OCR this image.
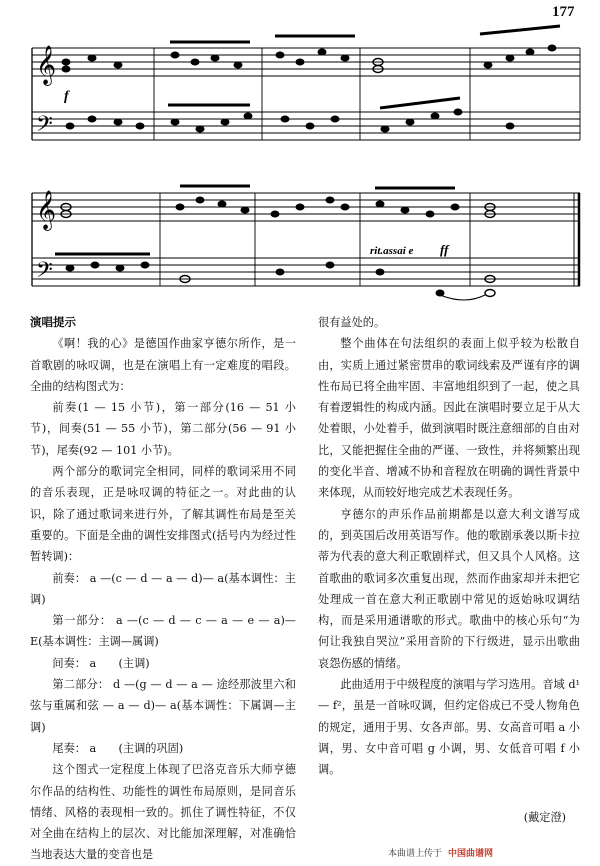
177
𝄞
𝄢
𝄞
𝄢
f
rit.assai e ff

演唱提示

《啊！我的心》是德国作曲家亨德尔所作，是一首歌剧的咏叹调，也是在演唱上有一定难度的唱段。全曲的结构图式为：

前奏(1 — 15 小节)，第一部分(16 — 51 小节)，间奏(51 — 55 小节)，第二部分(56 — 91 小节)，尾奏(92 — 101 小节)。

两个部分的歌词完全相同，同样的歌词采用不同的音乐表现，正是咏叹调的特征之一。对此曲的认识，除了通过歌词来进行外，了解其调性布局是至关重要的。下面是全曲的调性安排图式(括号内为经过性暂转调)：

前奏： a —(c — d — a — d)— a(基本调性：主调)

第一部分： a —(c — d — c — a — e — a)— E(基本调性：主调—属调)

间奏： a　　(主调)

第二部分： d —(g — d — a — 途经那波里六和弦与重属和弦 — a — d)— a(基本调性：下属调—主调)

尾奏： a　　(主调的巩固)

这个图式一定程度上体现了巴洛克音乐大师亨德尔作品的结构性、功能性的调性布局原则，是同音乐情绪、风格的表现相一致的。抓住了调性特征，不仅对全曲在结构上的层次、对比能加深理解，对准确恰当地表达大量的变音也是

很有益处的。

整个曲体在句法组织的表面上似乎较为松散自由，实质上通过紧密贯串的歌词线索及严谨有序的调性布局已将全曲牢固、丰富地组织到了一起，使之具有着逻辑性的构成内涵。因此在演唱时要立足于从大处着眼，小处着手，做到演唱时既注意细部的自由对比，又能把握住全曲的严谨、一致性，并将频繁出现的变化半音、增减不协和音程放在明确的调性背景中来体现，从而较好地完成艺术表现任务。

亨德尔的声乐作品前期都是以意大利文谱写成的，到英国后改用英语写作。他的歌剧承袭以斯卡拉蒂为代表的意大利正歌剧样式，但又具个人风格。这首歌曲的歌词多次重复出现，然而作曲家却并未把它处理成一首在意大利正歌剧中常见的返始咏叹调结构，而是采用通谱歌的形式。歌曲中的核心乐句“为何让我独自哭泣”采用音阶的下行级进，显示出歌曲哀怨伤感的情绪。

此曲适用于中级程度的演唱与学习选用。音域 d¹ — f²，虽是一首咏叹调，但约定俗成已不受人物角色的规定，通用于男、女各声部。男、女高音可唱 a 小调，男、女中音可唱 g 小调，男、女低音可唱 f 小调。

(戴定澄)

本曲谱上传于 中国曲谱网
